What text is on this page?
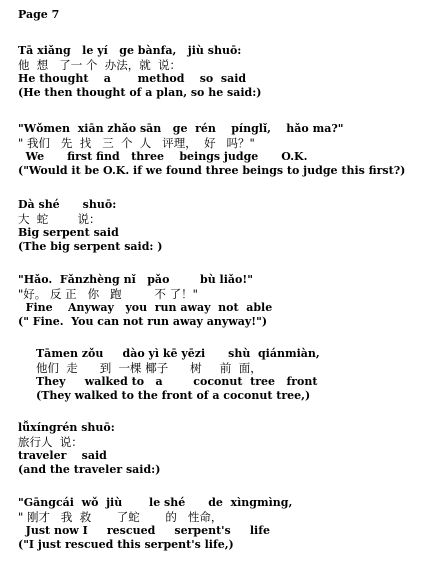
Page 7
Tā xiǎng   le yí   ge bànfa,   jiù shuō:
他  想   了一 个  办法，就  说：
He thought    a       method    so  said
(He then thought of a plan, so he said:)
"Wǒmen  xiān zhǎo sān   ge  rén    pínglǐ,    hǎo ma?"
" 我们   先  找   三  个  人   评理，  好   吗？"
We      first find   three    beings judge      O.K.
("Would it be O.K. if we found three beings to judge this first?)
Dà shé      shuō:
大  蛇        说：
Big serpent said
(The big serpent said: )
"Hǎo.  Fǎnzhèng nǐ   pǎo        bù liǎo!"
"好。 反 正   你   跑         不 了！"
Fine    Anyway   you  run away  not  able
(" Fine.  You can not run away anyway!")
Tāmen zǒu     dào yì kē yēzi      shù  qiánmiàn,
他们  走      到  一棵 椰子      树     前  面，
They     walked to   a        coconut  tree   front
(They walked to the front of a coconut tree,)
lǚxíngrén shuō:
旅行人  说：
traveler    said
(and the traveler said:)
"Gāngcái  wǒ  jiù       le shé      de  xìngmìng,
" 刚才   我  救       了蛇       的   性命，
Just now I     rescued     serpent's     life
("I just rescued this serpent's life,)
